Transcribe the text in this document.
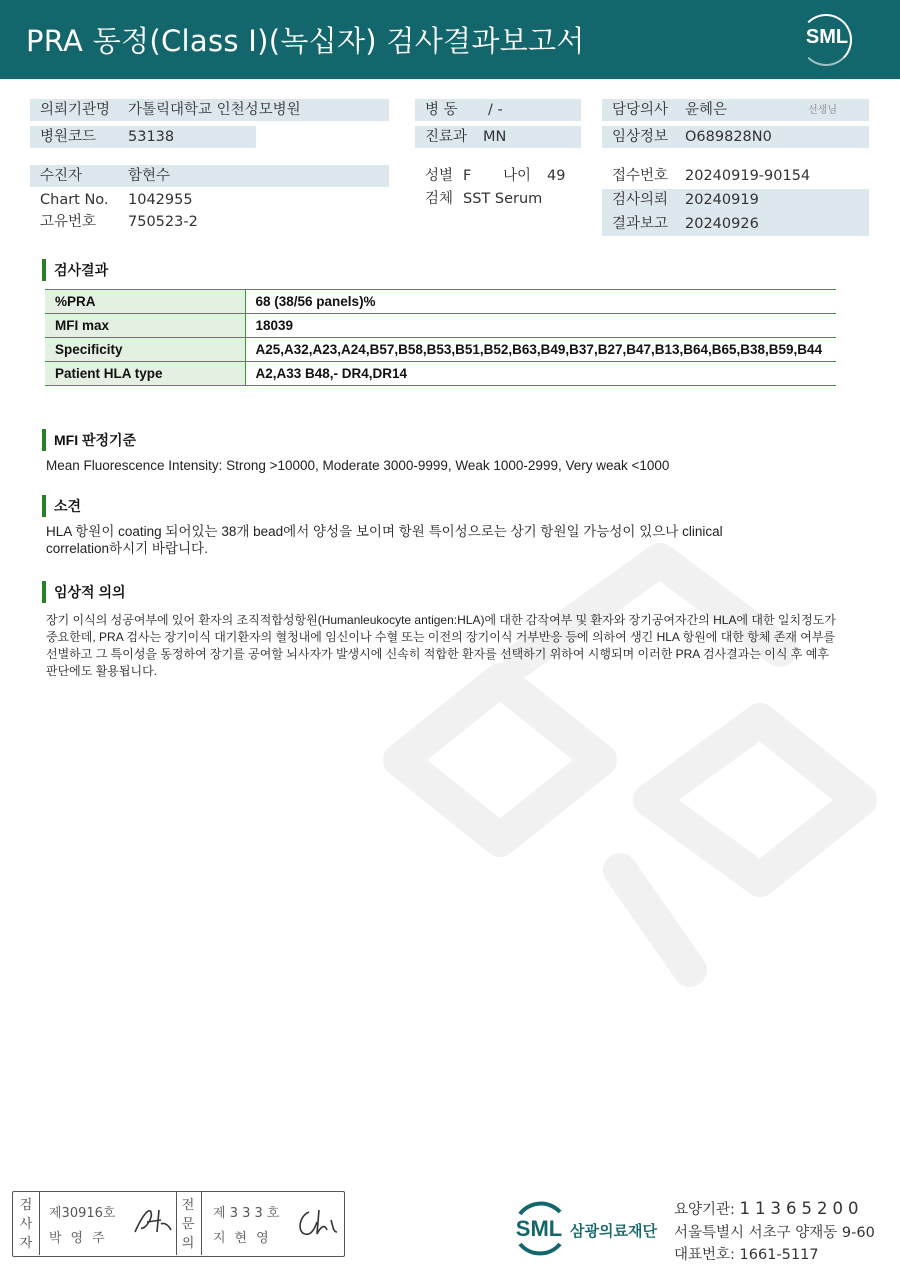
PRA 동정(Class I)(녹십자) 검사결과보고서	SML
의뢰기관명 가톨릭대학교 인천성모병원
병원코드 53138
수진자	함현수
Chart No. 1042955
고유번호 750523-2
병 동 / -
진료과 MN
성별 F 나이 49
검체 SST Serum
담당의사 윤혜은	선생님
임상정보 O689828N0
접수번호 20240919-90154
검사의뢰 20240919
결과보고 20240926
검사결과
%PRA	68 (38/56 panels)%
MFI max	18039
Specificity	A25,A32,A23,A24,B57,B58,B53,B51,B52,B63,B49,B37,B27,B47,B13,B64,B65,B38,B59,B44
Patient HLA type	A2,A33 B48,- DR4,DR14
MFI 판정기준
Mean Fluorescence Intensity: Strong >10000, Moderate 3000-9999, Weak 1000-2999, Very weak <1000
소견
HLA 항원이 coating 되어있는 38개 bead에서 양성을 보이며 항원 특이성으로는 상기 항원일 가능성이 있으나 clinical correlation하시기 바랍니다.
임상적 의의
장기 이식의 성공여부에 있어 환자의 조직적합성항원(Humanleukocyte antigen:HLA)에 대한 감작여부 및 환자와 장기공여자간의 HLA에 대한 일치정도가 중요한데, PRA 검사는 장기이식 대기환자의 혈청내에 임신이나 수혈 또는 이전의 장기이식 거부반응 등에 의하여 생긴 HLA 항원에 대한 항체 존재 여부를 선별하고 그 특이성을 동정하여 장기를 공여할 뇌사자가 발생시에 신속히 적합한 환자를 선택하기 위하여 시행되며 이러한 PRA 검사결과는 이식 후 예후 판단에도 활용됩니다.
검사자
제30916호
박영주
전문의
제 3 3 3 호
지현영	SML 삼광의료재단
요양기관: 11365200
서울특별시 서초구 양재동 9-60
대표번호: 1661-5117
